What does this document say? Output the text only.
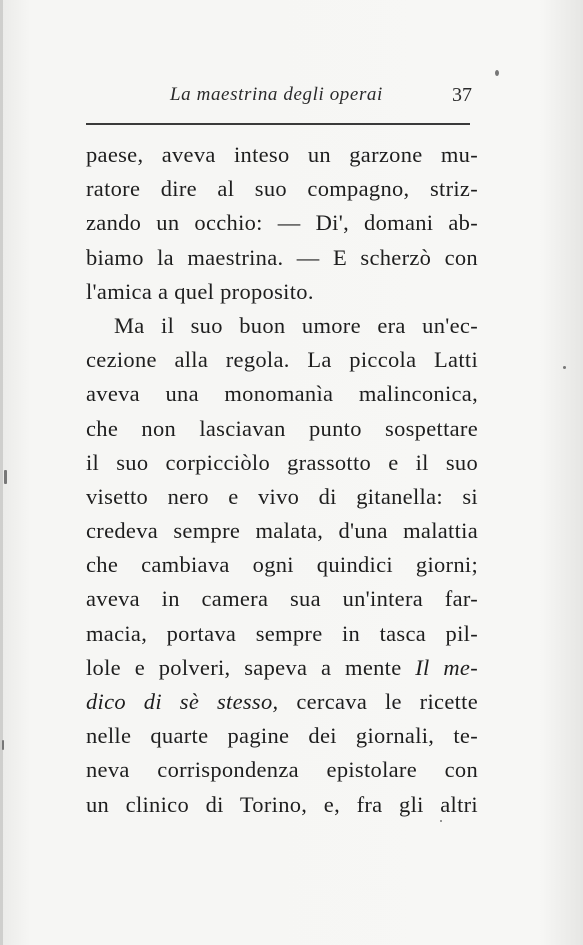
La maestrina degli operai	37
paese, aveva inteso un garzone mu-
ratore dire al suo compagno, striz-
zando un occhio: — Di', domani ab-
biamo la maestrina. — E scherzò con
l'amica a quel proposito.
Ma il suo buon umore era un'ec-
cezione alla regola. La piccola Latti
aveva una monomanìa malinconica,
che non lasciavan punto sospettare
il suo corpicciòlo grassotto e il suo
visetto nero e vivo di gitanella: si
credeva sempre malata, d'una malattia
che cambiava ogni quindici giorni;
aveva in camera sua un'intera far-
macia, portava sempre in tasca pil-
lole e polveri, sapeva a mente Il me-
dico di sè stesso, cercava le ricette
nelle quarte pagine dei giornali, te-
neva corrispondenza epistolare con
un clinico di Torino, e, fra gli altri
